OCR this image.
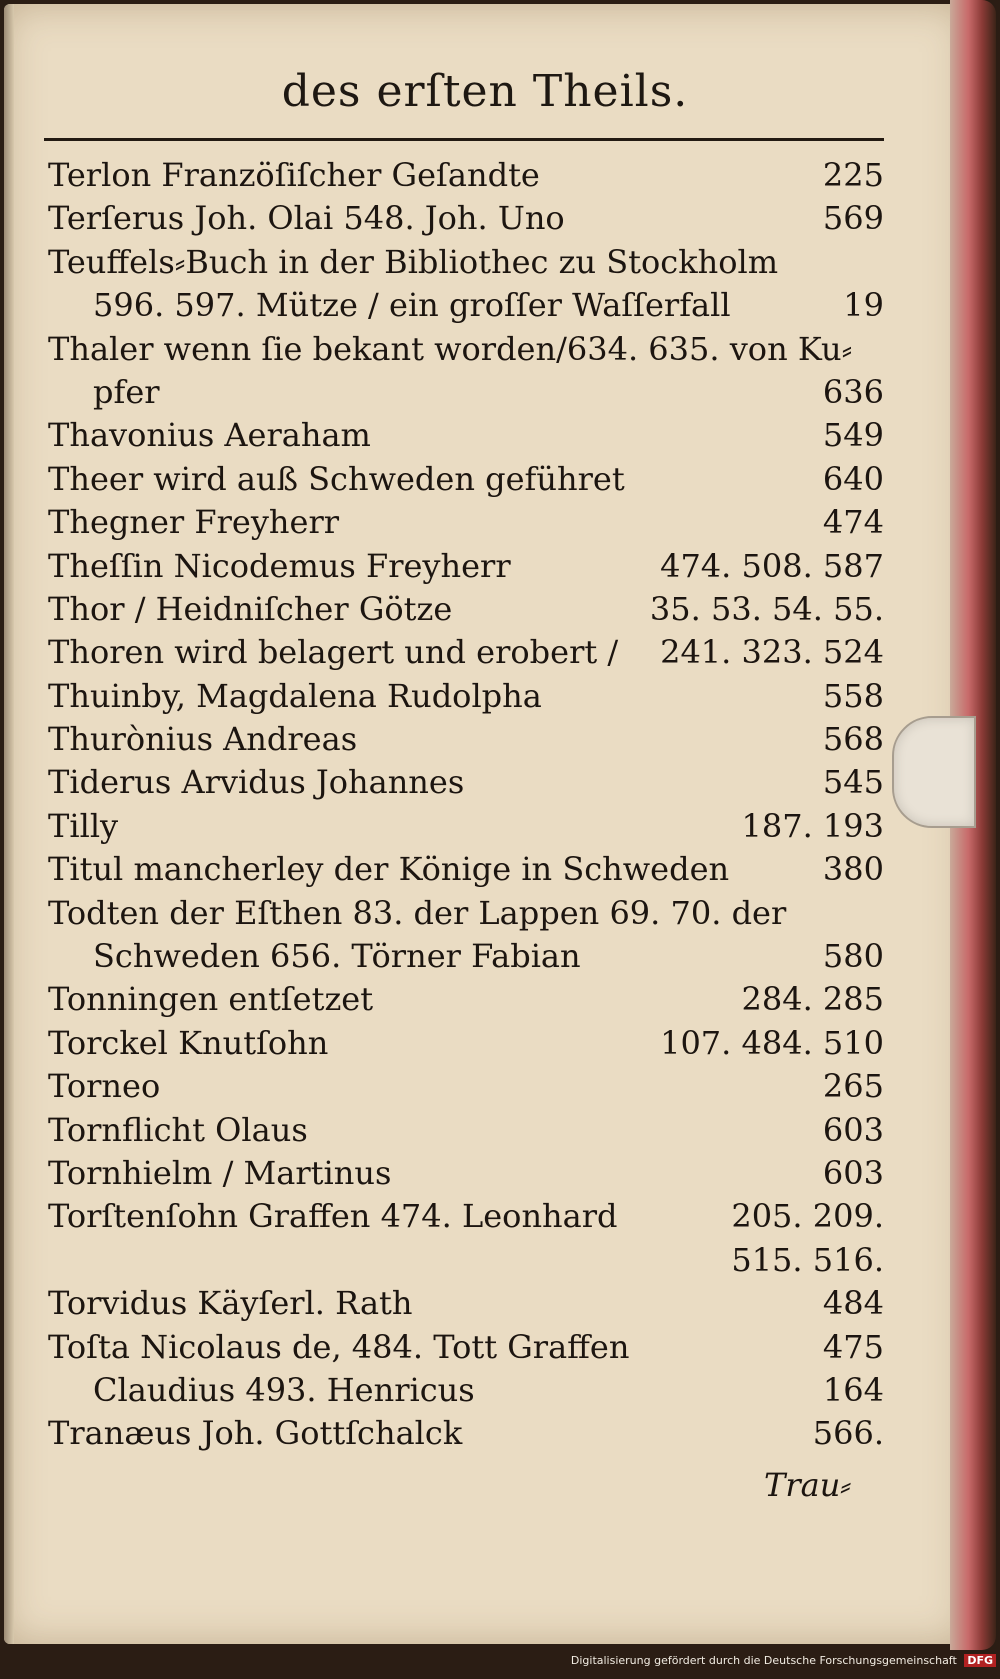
des erſten Theils.
Terlon Franzöſiſcher Geſandte	225
Terſerus Joh. Olai 548. Joh. Uno	569
Teuffels⸗Buch in der Bibliothec zu Stockholm
596. 597. Mütze / ein groſſer Waſſerfall	19
Thaler wenn ſie bekant worden/634. 635. von Ku⸗
pfer	636
Thavonius Aeraham	549
Theer wird auß Schweden geführet	640
Thegner Freyherr	474
Theſſin Nicodemus Freyherr	474. 508. 587
Thor / Heidniſcher Götze	35. 53. 54. 55.
Thoren wird belagert und erobert /	241. 323. 524
Thuinby, Magdalena Rudolpha	558
Thurònius Andreas	568
Tiderus Arvidus Johannes	545
Tilly	187. 193
Titul mancherley der Könige in Schweden	380
Todten der Eſthen 83. der Lappen 69. 70. der
Schweden 656. Törner Fabian	580
Tonningen entſetzet	284. 285
Torckel Knutſohn	107. 484. 510
Torneo	265
Tornflicht Olaus	603
Tornhielm / Martinus	603
Torſtenſohn Graffen 474. Leonhard	205. 209.
515. 516.
Torvidus Käyſerl. Rath	484
Toſta Nicolaus de, 484. Tott Graffen	475
Claudius 493. Henricus	164
Tranæus Joh. Gottſchalck	566.
Trau⸗
Digitalisierung gefördert durch die Deutsche Forschungsgemeinschaft DFG
